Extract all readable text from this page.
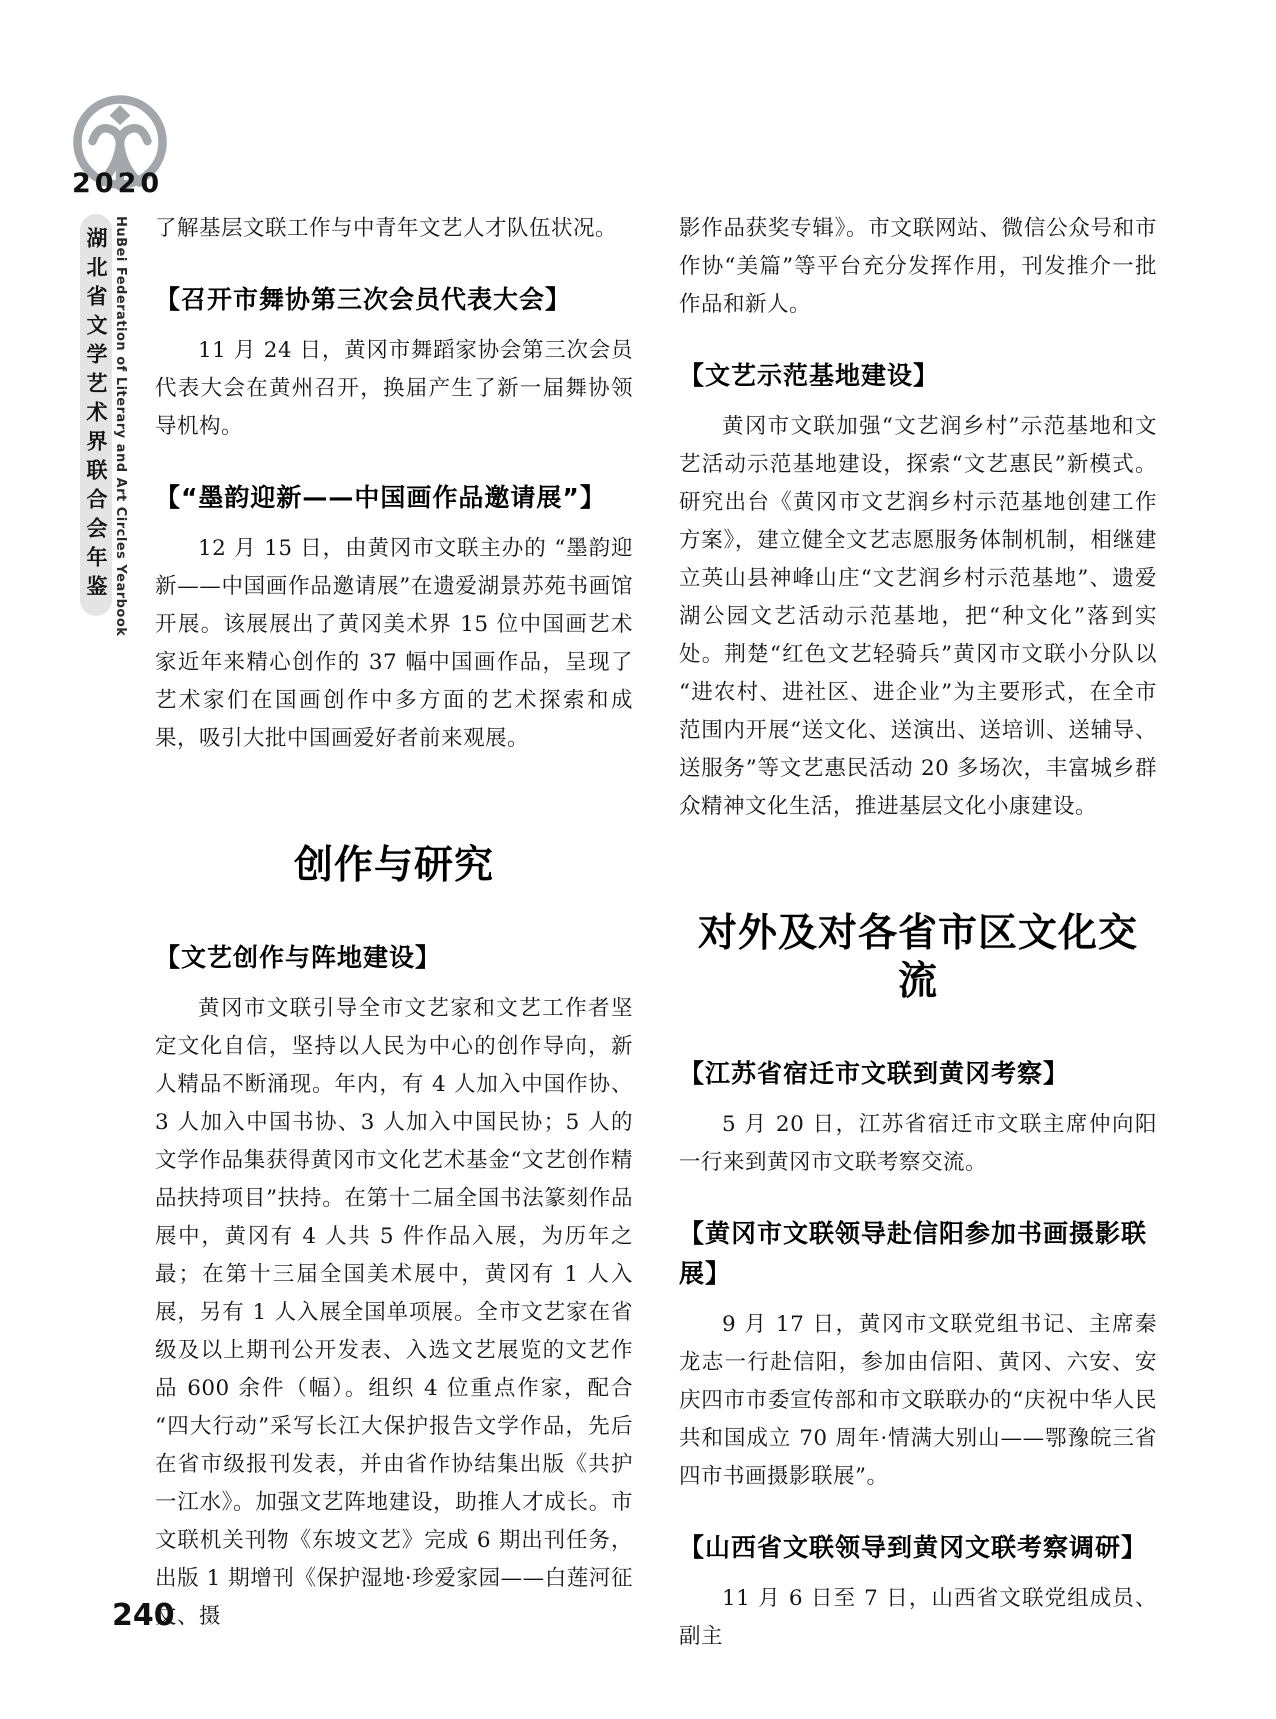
2020
湖北省文学艺术界联合会年鉴 HuBei Federation of Literary and Art Circles Yearbook 了解基层文联工作与中青年文艺人才队伍状况。

【召开市舞协第三次会员代表大会】

11 月 24 日，黄冈市舞蹈家协会第三次会员代表大会在黄州召开，换届产生了新一届舞协领导机构。

【“墨韵迎新——中国画作品邀请展”】

12 月 15 日，由黄冈市文联主办的 “墨韵迎新——中国画作品邀请展”在遗爱湖景苏苑书画馆开展。该展展出了黄冈美术界 15 位中国画艺术家近年来精心创作的 37 幅中国画作品，呈现了艺术家们在国画创作中多方面的艺术探索和成果，吸引大批中国画爱好者前来观展。

创作与研究
【文艺创作与阵地建设】

黄冈市文联引导全市文艺家和文艺工作者坚定文化自信，坚持以人民为中心的创作导向，新人精品不断涌现。年内，有 4 人加入中国作协、3 人加入中国书协、3 人加入中国民协；5 人的文学作品集获得黄冈市文化艺术基金“文艺创作精品扶持项目”扶持。在第十二届全国书法篆刻作品展中，黄冈有 4 人共 5 件作品入展，为历年之最；在第十三届全国美术展中，黄冈有 1 人入展，另有 1 人入展全国单项展。全市文艺家在省级及以上期刊公开发表、入选文艺展览的文艺作品 600 余件（幅）。组织 4 位重点作家，配合“四大行动”采写长江大保护报告文学作品，先后在省市级报刊发表，并由省作协结集出版《共护一江水》。加强文艺阵地建设，助推人才成长。市文联机关刊物《东坡文艺》完成 6 期出刊任务，出版 1 期增刊《保护湿地·珍爱家园——白莲河征文、摄

影作品获奖专辑》。市文联网站、微信公众号和市作协“美篇”等平台充分发挥作用，刊发推介一批作品和新人。

【文艺示范基地建设】

黄冈市文联加强“文艺润乡村”示范基地和文艺活动示范基地建设，探索“文艺惠民”新模式。研究出台《黄冈市文艺润乡村示范基地创建工作方案》，建立健全文艺志愿服务体制机制，相继建立英山县神峰山庄“文艺润乡村示范基地”、遗爱湖公园文艺活动示范基地，把“种文化”落到实处。荆楚“红色文艺轻骑兵”黄冈市文联小分队以“进农村、进社区、进企业”为主要形式，在全市范围内开展“送文化、送演出、送培训、送辅导、送服务”等文艺惠民活动 20 多场次，丰富城乡群众精神文化生活，推进基层文化小康建设。

对外及对各省市区文化交流
【江苏省宿迁市文联到黄冈考察】

5 月 20 日，江苏省宿迁市文联主席仲向阳一行来到黄冈市文联考察交流。

【黄冈市文联领导赴信阳参加书画摄影联展】

9 月 17 日，黄冈市文联党组书记、主席秦龙志一行赴信阳，参加由信阳、黄冈、六安、安庆四市市委宣传部和市文联联办的“庆祝中华人民共和国成立 70 周年·情满大别山——鄂豫皖三省四市书画摄影联展”。

【山西省文联领导到黄冈文联考察调研】

11 月 6 日至 7 日，山西省文联党组成员、副主

240
